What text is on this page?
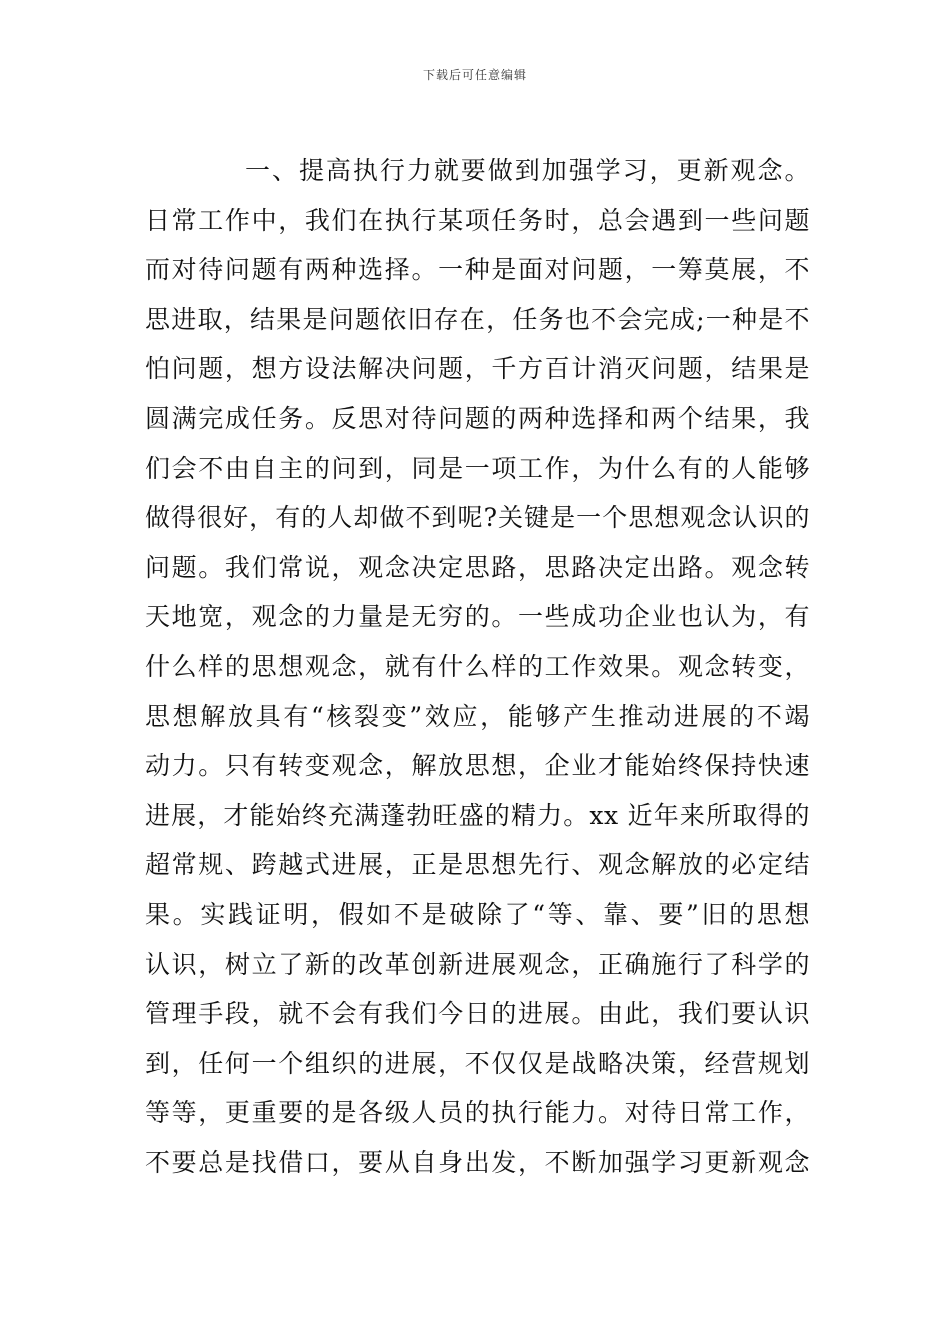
下载后可任意编辑
一、提高执行力就要做到加强学习，更新观念。
日常工作中，我们在执行某项任务时，总会遇到一些问题
而对待问题有两种选择。一种是面对问题，一筹莫展，不
思进取，结果是问题依旧存在，任务也不会完成;一种是不
怕问题，想方设法解决问题，千方百计消灭问题，结果是
圆满完成任务。反思对待问题的两种选择和两个结果，我
们会不由自主的问到，同是一项工作，为什么有的人能够
做得很好，有的人却做不到呢?关键是一个思想观念认识的
问题。我们常说，观念决定思路，思路决定出路。观念转
天地宽，观念的力量是无穷的。一些成功企业也认为，有
什么样的思想观念，就有什么样的工作效果。观念转变，
思想解放具有“核裂变”效应，能够产生推动进展的不竭
动力。只有转变观念，解放思想，企业才能始终保持快速
进展，才能始终充满蓬勃旺盛的精力。xx 近年来所取得的
超常规、跨越式进展，正是思想先行、观念解放的必定结
果。实践证明，假如不是破除了“等、靠、要”旧的思想
认识，树立了新的改革创新进展观念，正确施行了科学的
管理手段，就不会有我们今日的进展。由此，我们要认识
到，任何一个组织的进展，不仅仅是战略决策，经营规划
等等，更重要的是各级人员的执行能力。对待日常工作，
不要总是找借口，要从自身出发，不断加强学习更新观念
